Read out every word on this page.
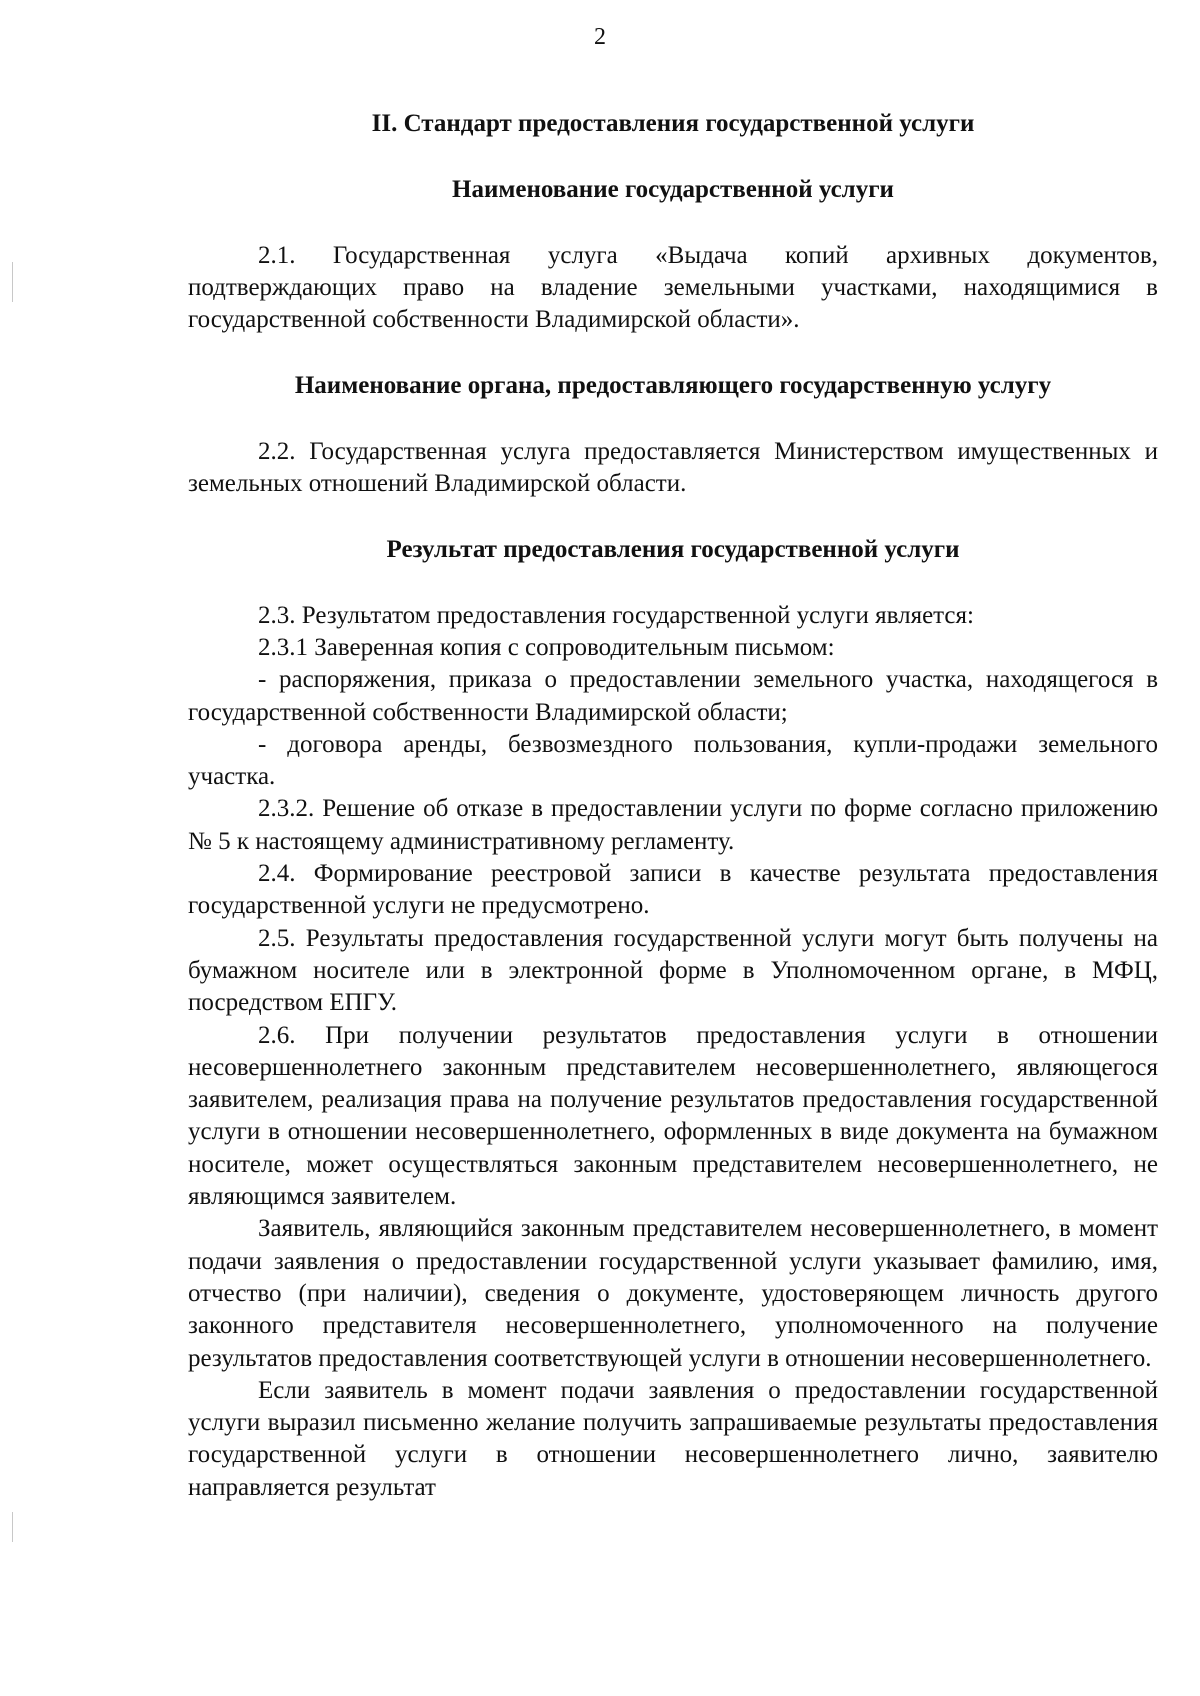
2

II. Стандарт предоставления государственной услуги

Наименование государственной услуги

2.1. Государственная услуга «Выдача копий архивных документов, подтверждающих право на владение земельными участками, находящимися в государственной собственности Владимирской области».

Наименование органа, предоставляющего государственную услугу

2.2. Государственная услуга предоставляется Министерством имущественных и земельных отношений Владимирской области.

Результат предоставления государственной услуги

2.3. Результатом предоставления государственной услуги является:

2.3.1 Заверенная копия с сопроводительным письмом:

- распоряжения, приказа о предоставлении земельного участка, находящегося в государственной собственности Владимирской области;

- договора аренды, безвозмездного пользования, купли-продажи земельного участка.

2.3.2. Решение об отказе в предоставлении услуги по форме согласно приложению № 5 к настоящему административному регламенту.

2.4. Формирование реестровой записи в качестве результата предоставления государственной услуги не предусмотрено.

2.5. Результаты предоставления государственной услуги могут быть получены на бумажном носителе или в электронной форме в Уполномоченном органе, в МФЦ, посредством ЕПГУ.

2.6. При получении результатов предоставления услуги в отношении несовершеннолетнего законным представителем несовершеннолетнего, являющегося заявителем, реализация права на получение результатов предоставления государственной услуги в отношении несовершеннолетнего, оформленных в виде документа на бумажном носителе, может осуществляться законным представителем несовершеннолетнего, не являющимся заявителем.

Заявитель, являющийся законным представителем несовершеннолетнего, в момент подачи заявления о предоставлении государственной услуги указывает фамилию, имя, отчество (при наличии), сведения о документе, удостоверяющем личность другого законного представителя несовершеннолетнего, уполномоченного на получение результатов предоставления соответствующей услуги в отношении несовершеннолетнего.

Если заявитель в момент подачи заявления о предоставлении государственной услуги выразил письменно желание получить запрашиваемые результаты предоставления государственной услуги в отношении несовершеннолетнего лично, заявителю направляется результат
